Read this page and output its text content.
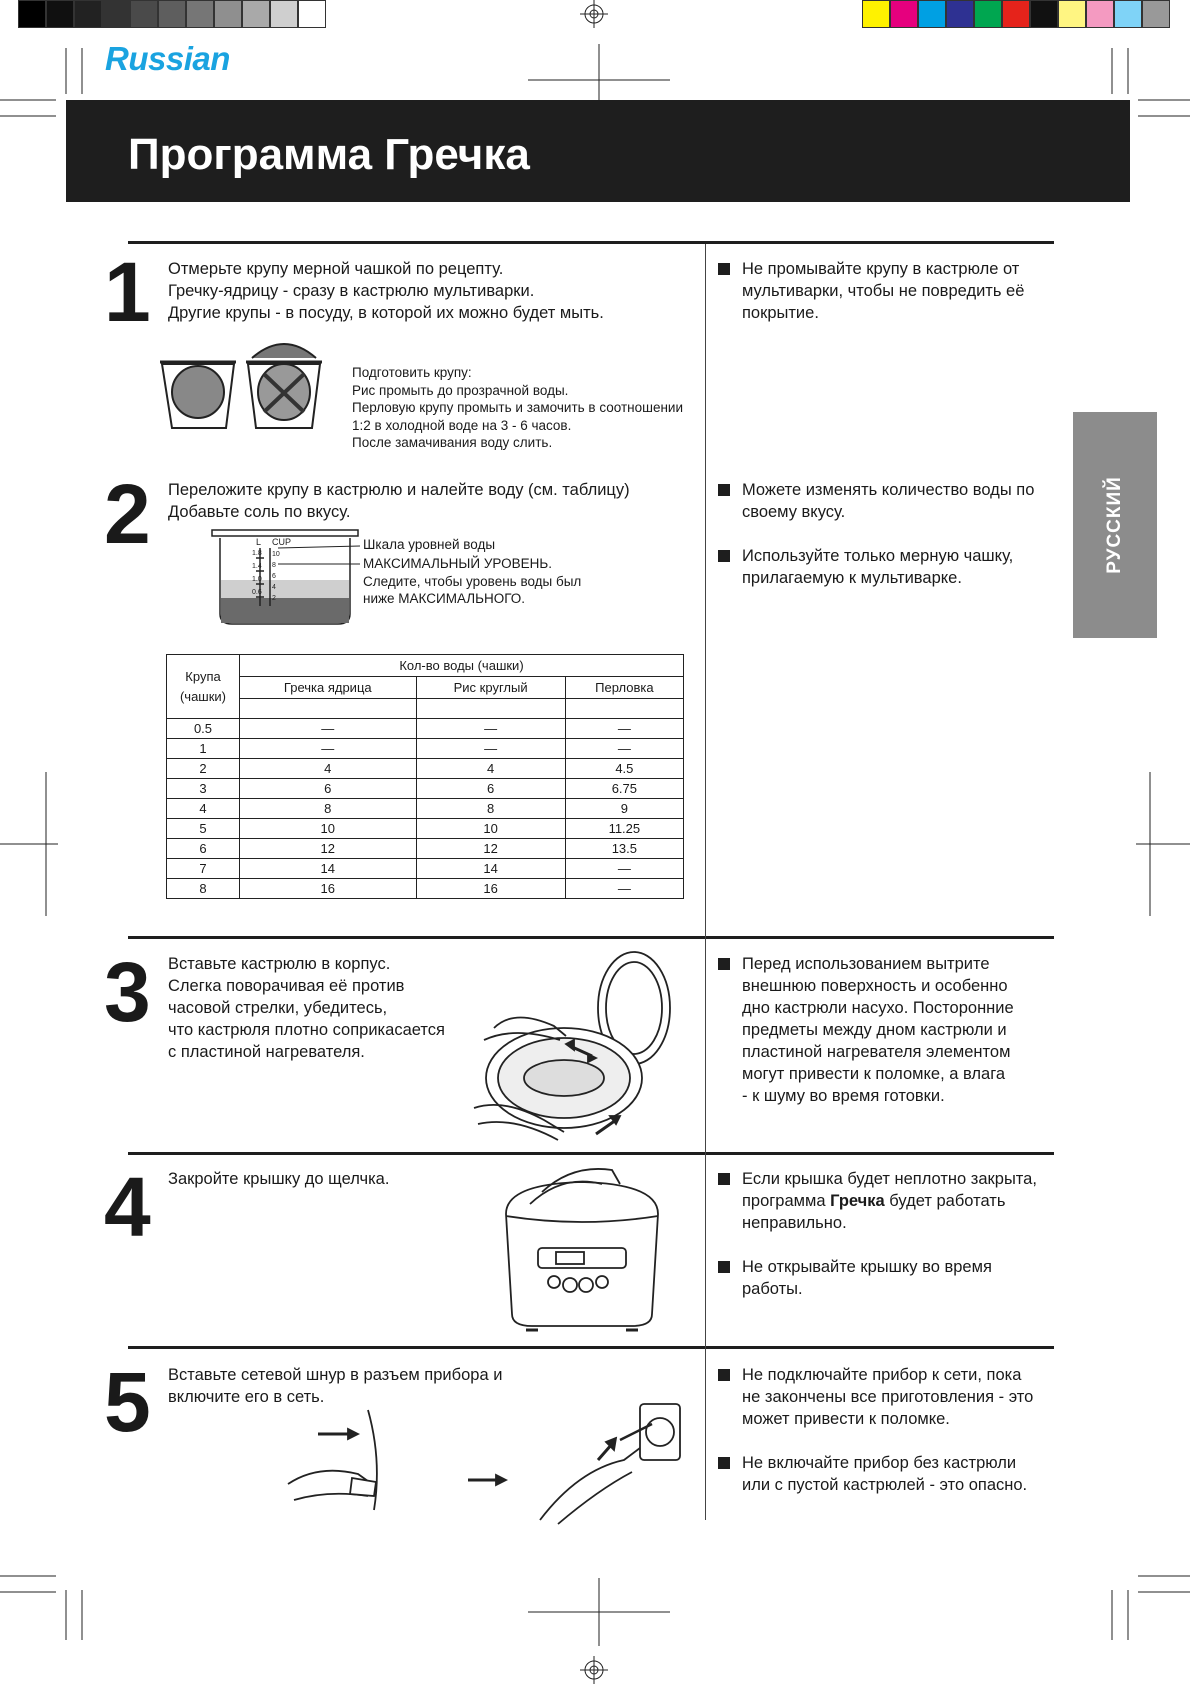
Russian
Программа Гречка
РУССКИЙ
1 Отмерьте крупу мерной чашкой по рецепту.
Гречку-ядрицу - сразу в кастрюлю мультиварки.
Другие крупы - в посуду, в которой их можно будет мыть.
Подготовить крупу:
Рис промыть до прозрачной воды.
Перловую крупу промыть и замочить в соотношении
1:2 в холодной воде на 3 - 6 часов.
После замачивания воду слить.
Не промывайте крупу в кастрюле от
мультиварки, чтобы не повредить её
покрытие.
2 Переложите крупу в кастрюлю и налейте воду (см. таблицу)
Добавьте соль по вкусу.
1.8
1.4
1.0
0.6
10
8
6
4
2
CUP
L	Шкала уровней воды
МАКСИМАЛЬНЫЙ УРОВЕНЬ.
Следите, чтобы уровень воды был
ниже МАКСИМАЛЬНОГО.
Крупа
(чашки)	Кол-во воды (чашки)		
	Гречка ядрица	Рис круглый	Перловка

0.5	—	—	—
1	—	—	—
2	4	4	4.5
3	6	6	6.75
4	8	8	9
5	10	10	11.25
6	12	12	13.5
7	14	14	—
8	16	16	—
Можете изменять количество воды по
своему вкусу.
Используйте только мерную чашку,
прилагаемую к мультиварке.
3 Вставьте кастрюлю в корпус.
Слегка поворачивая её против
часовой стрелки, убедитесь,
что кастрюля плотно соприкасается
с пластиной нагревателя.
Перед использованием вытрите
внешнюю поверхность и особенно
дно кастрюли насухо. Посторонние
предметы между дном кастрюли и
пластиной нагревателя элементом
могут привести к поломке, а влага
- к шуму во время готовки.
4 Закройте крышку до щелчка.	Если крышка будет неплотно закрыта,
программа Гречка будет работать
неправильно.
Не открывайте крышку во время
работы.
5 Вставьте сетевой шнур в разъем прибора и
включите его в сеть.
Не подключайте прибор к сети, пока
не закончены все приготовления - это
может привести к поломке.
Не включайте прибор без кастрюли
или с пустой кастрюлей - это опасно.
